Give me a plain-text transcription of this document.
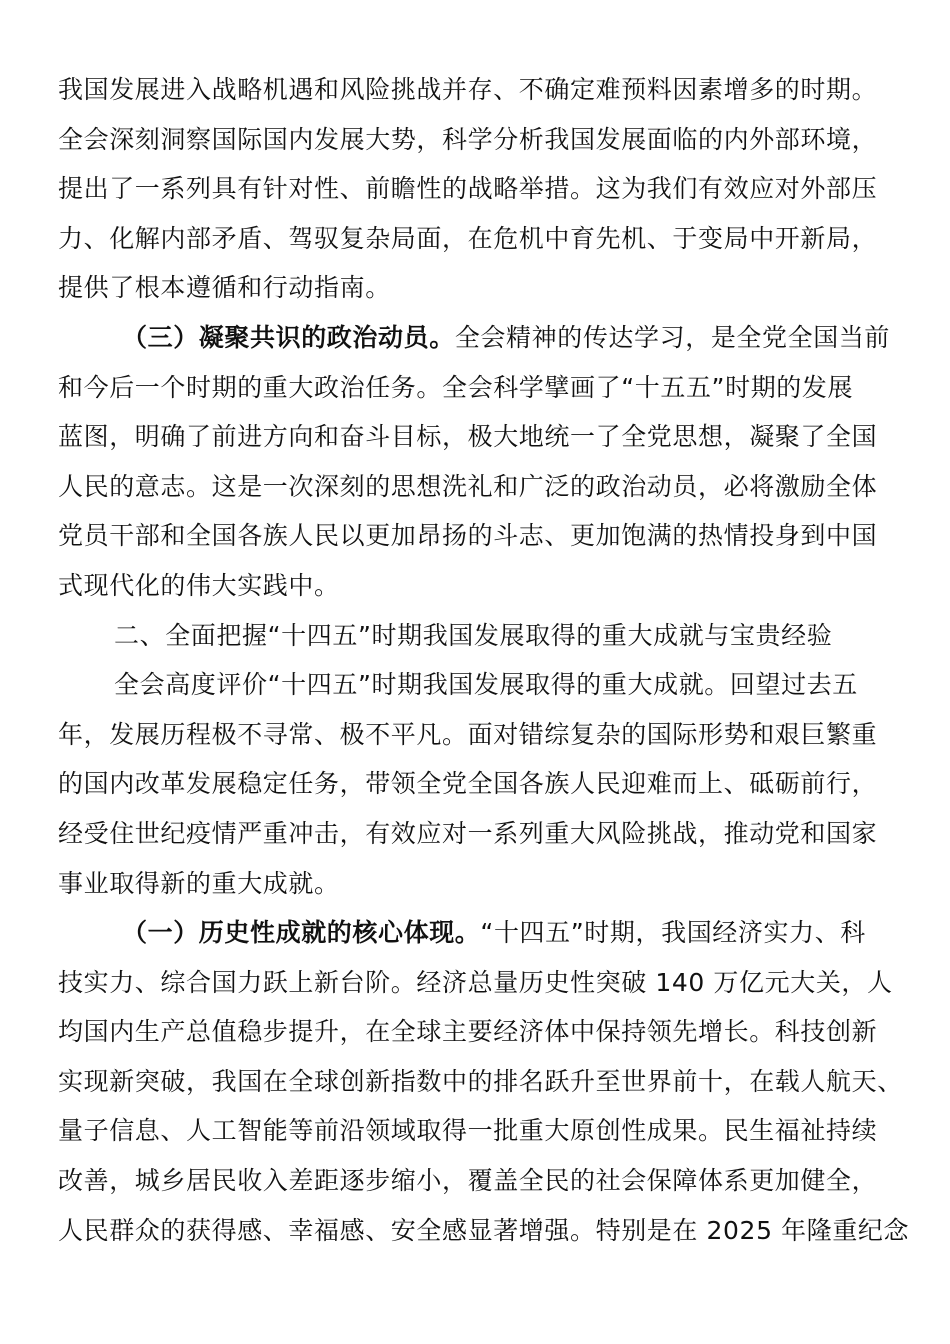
我国发展进入战略机遇和风险挑战并存、不确定难预料因素增多的时期。
全会深刻洞察国际国内发展大势，科学分析我国发展面临的内外部环境，
提出了一系列具有针对性、前瞻性的战略举措。这为我们有效应对外部压
力、化解内部矛盾、驾驭复杂局面，在危机中育先机、于变局中开新局，
提供了根本遵循和行动指南。
（三）凝聚共识的政治动员。全会精神的传达学习，是全党全国当前
和今后一个时期的重大政治任务。全会科学擘画了“十五五”时期的发展
蓝图，明确了前进方向和奋斗目标，极大地统一了全党思想，凝聚了全国
人民的意志。这是一次深刻的思想洗礼和广泛的政治动员，必将激励全体
党员干部和全国各族人民以更加昂扬的斗志、更加饱满的热情投身到中国
式现代化的伟大实践中。
二、全面把握“十四五”时期我国发展取得的重大成就与宝贵经验
全会高度评价“十四五”时期我国发展取得的重大成就。回望过去五
年，发展历程极不寻常、极不平凡。面对错综复杂的国际形势和艰巨繁重
的国内改革发展稳定任务，带领全党全国各族人民迎难而上、砥砺前行，
经受住世纪疫情严重冲击，有效应对一系列重大风险挑战，推动党和国家
事业取得新的重大成就。
（一）历史性成就的核心体现。“十四五”时期，我国经济实力、科
技实力、综合国力跃上新台阶。经济总量历史性突破 140 万亿元大关，人
均国内生产总值稳步提升，在全球主要经济体中保持领先增长。科技创新
实现新突破，我国在全球创新指数中的排名跃升至世界前十，在载人航天、
量子信息、人工智能等前沿领域取得一批重大原创性成果。民生福祉持续
改善，城乡居民收入差距逐步缩小，覆盖全民的社会保障体系更加健全，
人民群众的获得感、幸福感、安全感显著增强。特别是在 2025 年隆重纪念
